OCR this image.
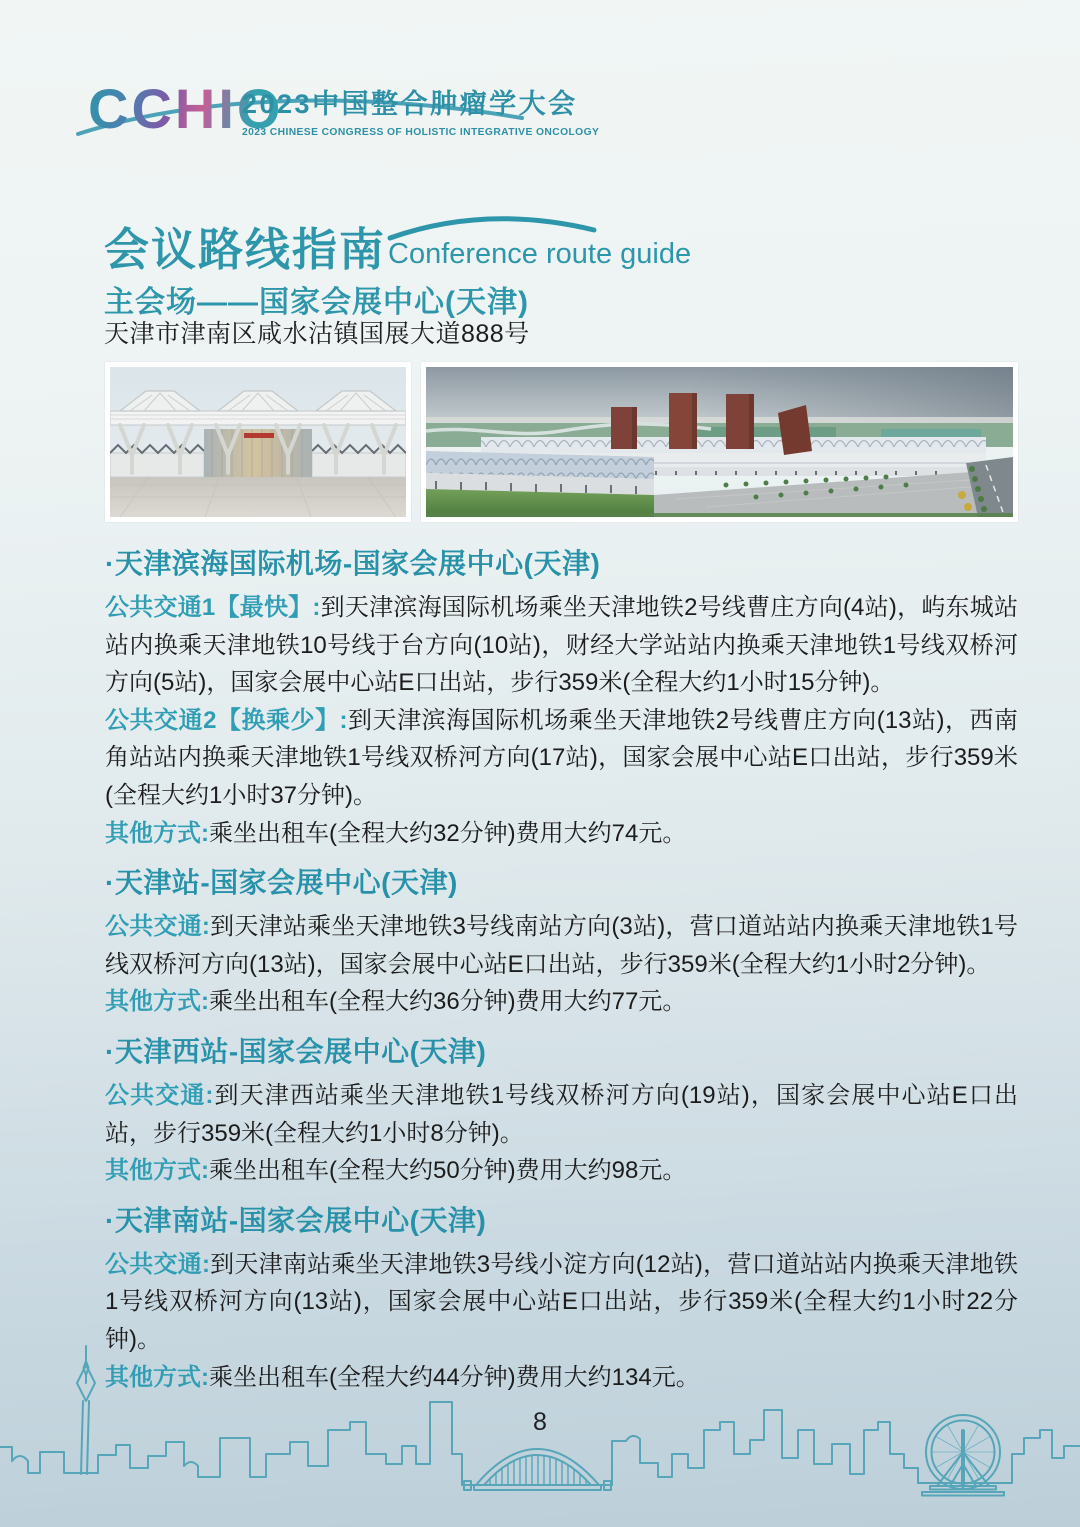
CCHIO
2023中国整合肿瘤学大会
2023 CHINESE CONGRESS OF HOLISTIC INTEGRATIVE ONCOLOGY
会议路线指南 Conference route guide
主会场——国家会展中心(天津)
天津市津南区咸水沽镇国展大道888号
·天津滨海国际机场-国家会展中心(天津)

公共交通1【最快】:到天津滨海国际机场乘坐天津地铁2号线曹庄方向(4站)，屿东城站站内换乘天津地铁10号线于台方向(10站)，财经大学站站内换乘天津地铁1号线双桥河方向(5站)，国家会展中心站E口出站，步行359米(全程大约1小时15分钟)。

公共交通2【换乘少】:到天津滨海国际机场乘坐天津地铁2号线曹庄方向(13站)，西南角站站内换乘天津地铁1号线双桥河方向(17站)，国家会展中心站E口出站，步行359米(全程大约1小时37分钟)。

其他方式:乘坐出租车(全程大约32分钟)费用大约74元。

·天津站-国家会展中心(天津)

公共交通:到天津站乘坐天津地铁3号线南站方向(3站)，营口道站站内换乘天津地铁1号线双桥河方向(13站)，国家会展中心站E口出站，步行359米(全程大约1小时2分钟)。

其他方式:乘坐出租车(全程大约36分钟)费用大约77元。

·天津西站-国家会展中心(天津)

公共交通:到天津西站乘坐天津地铁1号线双桥河方向(19站)，国家会展中心站E口出站，步行359米(全程大约1小时8分钟)。

其他方式:乘坐出租车(全程大约50分钟)费用大约98元。

·天津南站-国家会展中心(天津)

公共交通:到天津南站乘坐天津地铁3号线小淀方向(12站)，营口道站站内换乘天津地铁1号线双桥河方向(13站)，国家会展中心站E口出站，步行359米(全程大约1小时22分钟)。

其他方式:乘坐出租车(全程大约44分钟)费用大约134元。

8
